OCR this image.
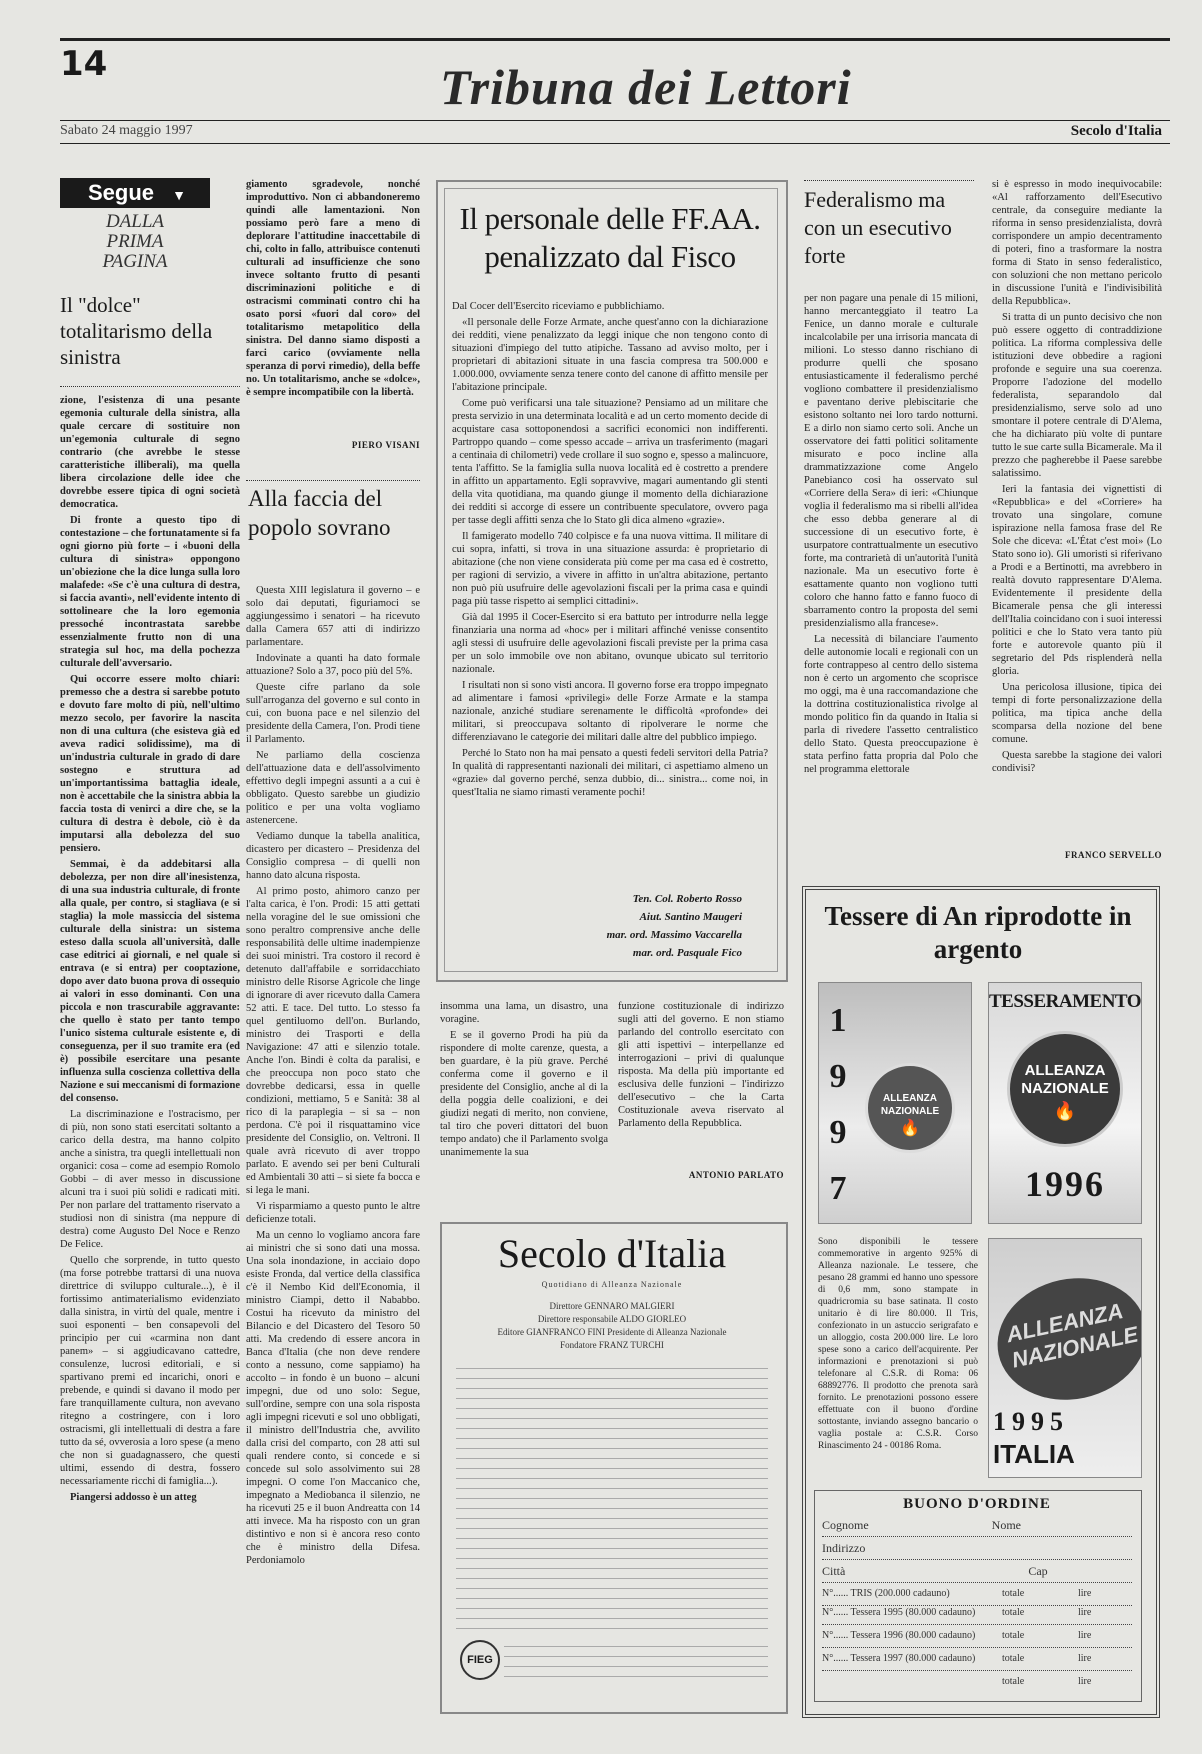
14	Tribuna dei Lettori
Sabato 24 maggio 1997	Secolo d'Italia
Segue ▼
DALLA PRIMA PAGINA
Il "dolce" totalitarismo della sinistra

zione, l'esistenza di una pesante egemonia culturale della sinistra, alla quale cercare di sostituire non un'egemonia culturale di segno contrario (che avrebbe le stesse caratteristiche illiberali), ma quella libera circolazione delle idee che dovrebbe essere tipica di ogni società democratica.

Di fronte a questo tipo di contestazione – che fortunatamente si fa ogni giorno più forte – i «buoni della cultura di sinistra» oppongono un'obiezione che la dice lunga sulla loro malafede: «Se c'è una cultura di destra, si faccia avanti», nell'evidente intento di sottolineare che la loro egemonia pressoché incontrastata sarebbe essenzialmente frutto non di una strategia sul hoc, ma della pochezza culturale dell'avversario.

Qui occorre essere molto chiari: premesso che a destra si sarebbe potuto e dovuto fare molto di più, nell'ultimo mezzo secolo, per favorire la nascita non di una cultura (che esisteva già ed aveva radici solidissime), ma di un'industria culturale in grado di dare sostegno e struttura ad un'importantissima battaglia ideale, non è accettabile che la sinistra abbia la faccia tosta di venirci a dire che, se la cultura di destra è debole, ciò è da imputarsi alla debolezza del suo pensiero.

Semmai, è da addebitarsi alla debolezza, per non dire all'inesistenza, di una sua industria culturale, di fronte alla quale, per contro, si stagliava (e si staglia) la mole massiccia del sistema culturale della sinistra: un sistema esteso dalla scuola all'università, dalle case editrici ai giornali, e nel quale si entrava (e si entra) per cooptazione, dopo aver dato buona prova di ossequio ai valori in esso dominanti. Con una piccola e non trascurabile aggravante: che quello è stato per tanto tempo l'unico sistema culturale esistente e, di conseguenza, per il suo tramite era (ed è) possibile esercitare una pesante influenza sulla coscienza collettiva della Nazione e sui meccanismi di formazione del consenso.

La discriminazione e l'ostracismo, per di più, non sono stati esercitati soltanto a carico della destra, ma hanno colpito anche a sinistra, tra quegli intellettuali non organici: cosa – come ad esempio Romolo Gobbi – di aver messo in discussione alcuni tra i suoi più solidi e radicati miti. Per non parlare del trattamento riservato a studiosi non di sinistra (ma neppure di destra) come Augusto Del Noce e Renzo De Felice.

Quello che sorprende, in tutto questo (ma forse potrebbe trattarsi di una nuova direttrice di sviluppo culturale...), è il fortissimo antimaterialismo evidenziato dalla sinistra, in virtù del quale, mentre i suoi esponenti – ben consapevoli del principio per cui «carmina non dant panem» – si aggiudicavano cattedre, consulenze, lucrosi editoriali, e si spartivano premi ed incarichi, onori e prebende, e quindi si davano il modo per fare tranquillamente cultura, non avevano ritegno a costringere, con i loro ostracismi, gli intellettuali di destra a fare tutto da sé, ovverosia a loro spese (a meno che non si guadagnassero, che questi ultimi, essendo di destra, fossero necessariamente ricchi di famiglia...).

Piangersi addosso è un atteg

giamento sgradevole, nonché improduttivo. Non ci abbandoneremo quindi alle lamentazioni. Non possiamo però fare a meno di deplorare l'attitudine inaccettabile di chi, colto in fallo, attribuisce contenuti culturali ad insufficienze che sono invece soltanto frutto di pesanti discriminazioni politiche e di ostracismi comminati contro chi ha osato porsi «fuori dal coro» del totalitarismo metapolitico della sinistra. Del danno siamo disposti a farci carico (ovviamente nella speranza di porvi rimedio), della beffe no. Un totalitarismo, anche se «dolce», è sempre incompatibile con la libertà.

PIERO VISANI
Alla faccia del popolo sovrano

Questa XIII legislatura il governo – e solo dai deputati, figuriamoci se aggiungessimo i senatori – ha ricevuto dalla Camera 657 atti di indirizzo parlamentare.

Indovinate a quanti ha dato formale attuazione? Solo a 37, poco più del 5%.

Queste cifre parlano da sole sull'arroganza del governo e sul conto in cui, con buona pace e nel silenzio del presidente della Camera, l'on. Prodi tiene il Parlamento.

Ne parliamo della coscienza dell'attuazione data e dell'assolvimento effettivo degli impegni assunti a a cui è obbligato. Questo sarebbe un giudizio politico e per una volta vogliamo astenercene.

Vediamo dunque la tabella analitica, dicastero per dicastero – Presidenza del Consiglio compresa – di quelli non hanno dato alcuna risposta.

Al primo posto, ahimoro canzo per l'alta carica, è l'on. Prodi: 15 atti gettati nella voragine del le sue omissioni che sono peraltro comprensive anche delle responsabilità delle ultime inadempienze dei suoi ministri. Tra costoro il record è detenuto dall'affabile e sorridacchiato ministro delle Risorse Agricole che linge di ignorare di aver ricevuto dalla Camera 52 atti. E tace. Del tutto. Lo stesso fa quel gentiluomo dell'on. Burlando, ministro dei Trasporti e della Navigazione: 47 atti e silenzio totale. Anche l'on. Bindi è colta da paralisi, e che preoccupa non poco stato che dovrebbe dedicarsi, essa in quelle condizioni, mettiamo, 5 e Sanità: 38 al rico di la paraplegia – si sa – non perdona. C'è poi il risquattamino vice presidente del Consiglio, on. Veltroni. Il quale avrà ricevuto di aver troppo parlato. E avendo sei per beni Culturali ed Ambientali 30 atti – si siete fa bocca e si lega le mani.

Vi risparmiamo a questo punto le altre deficienze totali.

Ma un cenno lo vogliamo ancora fare ai ministri che si sono dati una mossa. Una sola inondazione, in acciaio dopo esiste Fronda, dal vertice della classifica c'è il Nembo Kid dell'Economia, il ministro Ciampi, detto il Nababbo. Costui ha ricevuto da ministro del Bilancio e del Dicastero del Tesoro 50 atti. Ma credendo di essere ancora in Banca d'Italia (che non deve rendere conto a nessuno, come sappiamo) ha accolto – in fondo è un buono – alcuni impegni, due od uno solo: Segue, sull'ordine, sempre con una sola risposta agli impegni ricevuti e sol uno obbligati, il ministro dell'Industria che, avvilito dalla crisi del comparto, con 28 atti sul quali rendere conto, si concede e si concede sul solo assolvimento sui 28 impegni. O come l'on Maccanico che, impegnato a Mediobanca il silenzio, ne ha ricevuti 25 e il buon Andreatta con 14 atti invece. Ma ha risposto con un gran distintivo e non si è ancora reso conto che è ministro della Difesa. Perdoniamolo

Il personale delle FF.AA. penalizzato dal Fisco

Dal Cocer dell'Esercito riceviamo e pubblichiamo.

«Il personale delle Forze Armate, anche quest'anno con la dichiarazione dei redditi, viene penalizzato da leggi inique che non tengono conto di situazioni d'impiego del tutto atipiche. Tassano ad avviso molto, per i proprietari di abitazioni situate in una fascia compresa tra 500.000 e 1.000.000, ovviamente senza tenere conto del canone di affitto mensile per l'abitazione principale.

Come può verificarsi una tale situazione? Pensiamo ad un militare che presta servizio in una determinata località e ad un certo momento decide di acquistare casa sottoponendosi a sacrifici economici non indifferenti. Partroppo quando – come spesso accade – arriva un trasferimento (magari a centinaia di chilometri) vede crollare il suo sogno e, spesso a malincuore, tenta l'affitto. Se la famiglia sulla nuova località ed è costretto a prendere in affitto un appartamento. Egli sopravvive, magari aumentando gli stenti della vita quotidiana, ma quando giunge il momento della dichiarazione dei redditi si accorge di essere un contribuente speculatore, ovvero paga per tasse degli affitti senza che lo Stato gli dica almeno «grazie».

Il famigerato modello 740 colpisce e fa una nuova vittima. Il militare di cui sopra, infatti, si trova in una situazione assurda: è proprietario di abitazione (che non viene considerata più come per ma casa ed è costretto, per ragioni di servizio, a vivere in affitto in un'altra abitazione, pertanto non può più usufruire delle agevolazioni fiscali per la prima casa e quindi paga più tasse rispetto ai semplici cittadini».

Già dal 1995 il Cocer-Esercito si era battuto per introdurre nella legge finanziaria una norma ad «hoc» per i militari affinché venisse consentito agli stessi di usufruire delle agevolazioni fiscali previste per la prima casa per un solo immobile ove non abitano, ovunque ubicato sul territorio nazionale.

I risultati non si sono visti ancora. Il governo forse era troppo impegnato ad alimentare i famosi «privilegi» delle Forze Armate e la stampa nazionale, anziché studiare serenamente le difficoltà «profonde» dei militari, si preoccupava soltanto di ripolverare le norme che differenziavano le categorie dei militari dalle altre del pubblico impiego.

Perché lo Stato non ha mai pensato a questi fedeli servitori della Patria? In qualità di rappresentanti nazionali dei militari, ci aspettiamo almeno un «grazie» dal governo perché, senza dubbio, di... sinistra... come noi, in quest'Italia ne siamo rimasti veramente pochi!

Ten. Col. Roberto Rosso
Aiut. Santino Maugeri
mar. ord. Massimo Vaccarella
mar. ord. Pasquale Fico

insomma una lama, un disastro, una voragine.

E se il governo Prodi ha più da rispondere di molte carenze, questa, a ben guardare, è la più grave. Perché conferma come il governo e il presidente del Consiglio, anche al di la della poggia delle coalizioni, e dei giudizi negati di merito, non conviene, tal tiro che poveri dittatori del buon tempo andato) che il Parlamento svolga unanimemente la sua

funzione costituzionale di indirizzo sugli atti del governo. E non stiamo parlando del controllo esercitato con gli atti ispettivi – interpellanze ed interrogazioni – privi di qualunque risposta. Ma della più importante ed esclusiva delle funzioni – l'indirizzo dell'esecutivo – che la Carta Costituzionale aveva riservato al Parlamento della Repubblica.

ANTONIO PARLATO
Secolo d'Italia
Quotidiano di Alleanza Nazionale
Direttore GENNARO MALGIERI
Direttore responsabile ALDO GIORLEO
Editore GIANFRANCO FINI Presidente di Alleanza Nazionale
Fondatore FRANZ TURCHI
FIEG
Federalismo ma con un esecutivo forte

per non pagare una penale di 15 milioni, hanno mercanteggiato il teatro La Fenice, un danno morale e culturale incalcolabile per una irrisoria mancata di milioni. Lo stesso danno rischiano di produrre quelli che sposano entusiasticamente il federalismo perché vogliono combattere il presidenzialismo e paventano derive plebiscitarie che esistono soltanto nei loro tardo notturni. E a dirlo non siamo certo soli. Anche un osservatore dei fatti politici solitamente misurato e poco incline alla drammatizzazione come Angelo Panebianco così ha osservato sul «Corriere della Sera» di ieri: «Chiunque voglia il federalismo ma si ribelli all'idea che esso debba generare al di successione di un esecutivo forte, è usurpatore contrattualmente un esecutivo forte, ma contrarietà di un'autorità l'unità nazionale. Ma un esecutivo forte è esattamente quanto non vogliono tutti coloro che hanno fatto e fanno fuoco di sbarramento contro la proposta del semi presidenzialismo alla francese».

La necessità di bilanciare l'aumento delle autonomie locali e regionali con un forte contrappeso al centro dello sistema non è certo un argomento che scoprisce mo oggi, ma è una raccomandazione che la dottrina costituzionalistica rivolge al mondo politico fin da quando in Italia si parla di rivedere l'assetto centralistico dello Stato. Questa preoccupazione è stata perfino fatta propria dal Polo che nel programma elettorale

si è espresso in modo inequivocabile: «Al rafforzamento dell'Esecutivo centrale, da conseguire mediante la riforma in senso presidenzialista, dovrà corrispondere un ampio decentramento di poteri, fino a trasformare la nostra forma di Stato in senso federalistico, con soluzioni che non mettano pericolo in discussione l'unità e l'indivisibilità della Repubblica».

Si tratta di un punto decisivo che non può essere oggetto di contraddizione politica. La riforma complessiva delle istituzioni deve obbedire a ragioni profonde e seguire una sua coerenza. Proporre l'adozione del modello federalista, separandolo dal presidenzialismo, serve solo ad uno smontare il potere centrale di D'Alema, che ha dichiarato più volte di puntare tutto le sue carte sulla Bicamerale. Ma il prezzo che pagherebbe il Paese sarebbe salatissimo.

Ieri la fantasia dei vignettisti di «Repubblica» e del «Corriere» ha trovato una singolare, comune ispirazione nella famosa frase del Re Sole che diceva: «L'État c'est moi» (Lo Stato sono io). Gli umoristi si riferivano a Prodi e a Bertinotti, ma avrebbero in realtà dovuto rappresentare D'Alema. Evidentemente il presidente della Bicamerale pensa che gli interessi dell'Italia coincidano con i suoi interessi politici e che lo Stato vera tanto più forte e autorevole quanto più il segretario del Pds risplenderà nella gloria.

Una pericolosa illusione, tipica dei tempi di forte personalizzazione della politica, ma tipica anche della scomparsa della nozione del bene comune.

Questa sarebbe la stagione dei valori condivisi?

FRANCO SERVELLO
Tessere di An riprodotte in argento
1
9
9
7
ALLEANZA NAZIONALE
🔥
TESSERAMENTO
ALLEANZA NAZIONALE
🔥
1996
ALLEANZA NAZIONALE
1995
ITALIA
Sono disponibili le tessere commemorative in argento 925% di Alleanza nazionale. Le tessere, che pesano 28 grammi ed hanno uno spessore di 0,6 mm, sono stampate in quadricromia su base satinata. Il costo unitario è di lire 80.000. Il Tris, confezionato in un astuccio serigrafato e un alloggio, costa 200.000 lire. Le loro spese sono a carico dell'acquirente. Per informazioni e prenotazioni si può telefonare al C.S.R. di Roma: 06 68892776. Il prodotto che prenota sarà fornito. Le prenotazioni possono essere effettuate con il buono d'ordine sottostante, inviando assegno bancario o vaglia postale a: C.S.R. Corso Rinascimento 24 - 00186 Roma.
BUONO D'ORDINE
Cognome	Nome
Indirizzo
Città	Cap
N°...... TRIS (200.000 cadauno)	totale	lire
N°...... Tessera 1995 (80.000 cadauno)	totale	lire
N°...... Tessera 1996 (80.000 cadauno)	totale	lire
N°...... Tessera 1997 (80.000 cadauno)	totale	lire
totale	lire
